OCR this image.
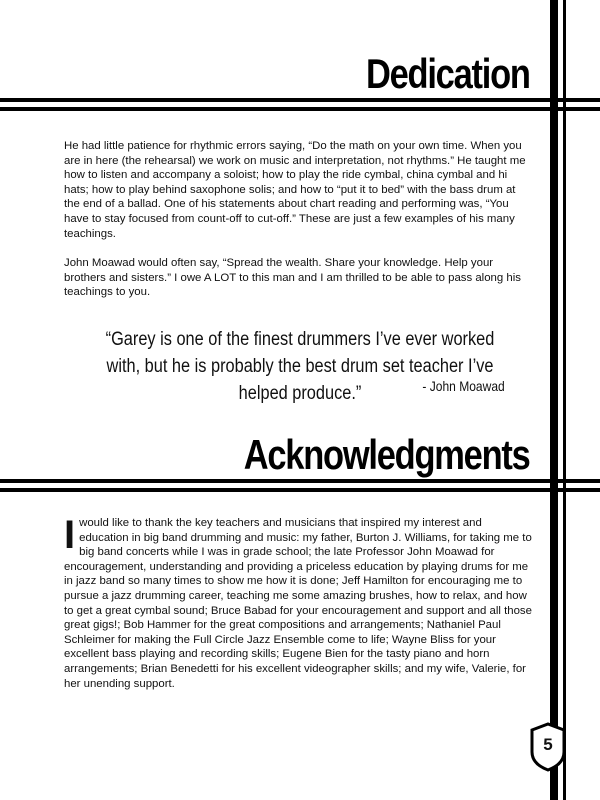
Dedication

He had little patience for rhythmic errors saying, “Do the math on your own time. When you are in here (the rehearsal) we work on music and interpretation, not rhythms.” He taught me how to listen and accompany a soloist; how to play the ride cymbal, china cymbal and hi hats; how to play behind saxophone solis; and how to “put it to bed” with the bass drum at the end of a ballad. One of his statements about chart reading and performing was, “You have to stay focused from count-off to cut-off.” These are just a few examples of his many teachings.

John Moawad would often say, “Spread the wealth. Share your knowledge. Help your brothers and sisters.” I owe A LOT to this man and I am thrilled to be able to pass along his teachings to you.

“Garey is one of the finest drummers I’ve ever worked with, but he is probably the best drum set teacher I’ve helped produce.”	- John Moawad
Acknowledgments
Iwould like to thank the key teachers and musicians that inspired my interest and education in big band drumming and music: my father, Burton J. Williams, for taking me to big band concerts while I was in grade school; the late Professor John Moawad for encouragement, understanding and providing a priceless education by playing drums for me in jazz band so many times to show me how it is done; Jeff Hamilton for encouraging me to pursue a jazz drumming career, teaching me some amazing brushes, how to relax, and how to get a great cymbal sound; Bruce Babad for your encouragement and support and all those great gigs!; Bob Hammer for the great compositions and arrangements; Nathaniel Paul Schleimer for making the Full Circle Jazz Ensemble come to life; Wayne Bliss for your excellent bass playing and recording skills; Eugene Bien for the tasty piano and horn arrangements; Brian Benedetti for his excellent videographer skills; and my wife, Valerie, for her unending support.
5
